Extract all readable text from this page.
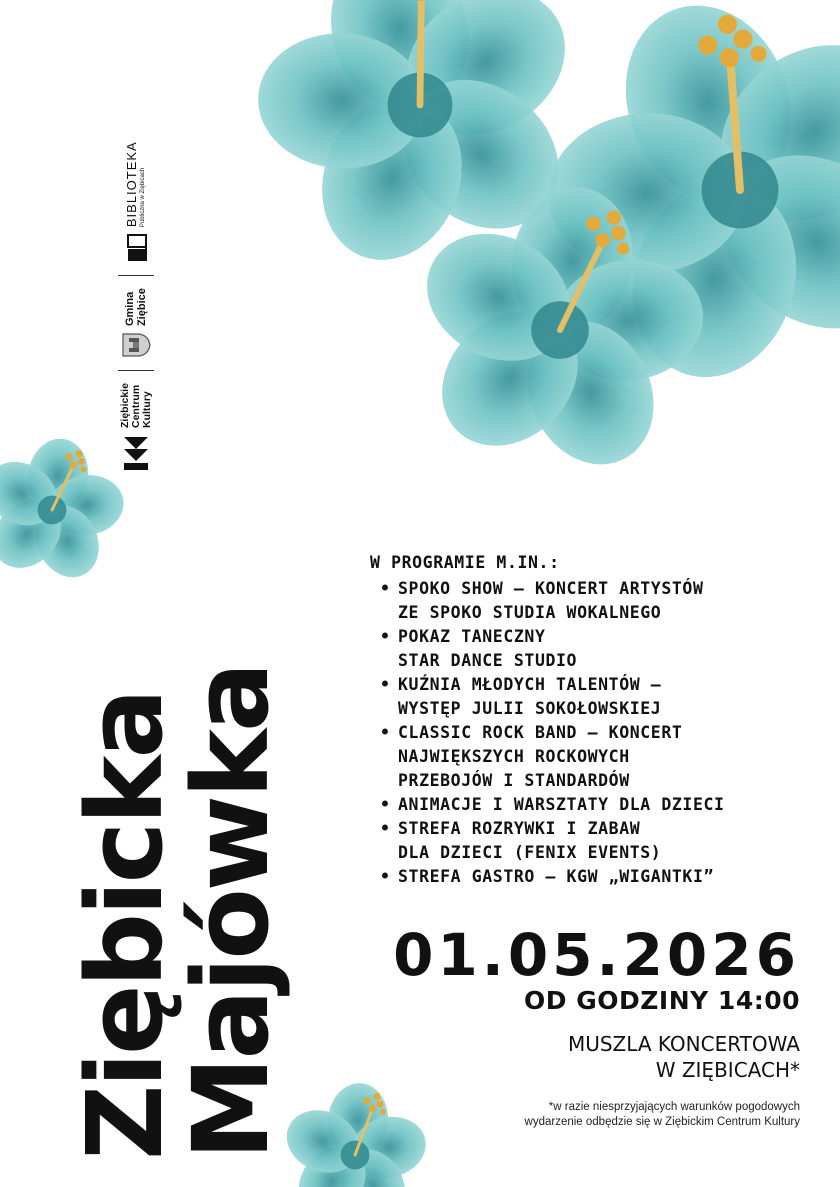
Ziębickie Centrum Kultury
Gmina Ziębice
BIBLIOTEKA Publiczna w Ziębicach
Ziębicka
Majówka
W PROGRAMIE M.IN.:
• SPOKO SHOW – KONCERT ARTYSTÓW
ZE SPOKO STUDIA WOKALNEGO
• POKAZ TANECZNY
STAR DANCE STUDIO
• KUŹNIA MŁODYCH TALENTÓW –
WYSTĘP JULII SOKOŁOWSKIEJ
• CLASSIC ROCK BAND – KONCERT
NAJWIĘKSZYCH ROCKOWYCH
PRZEBOJÓW I STANDARDÓW
• ANIMACJE I WARSZTATY DLA DZIECI
• STREFA ROZRYWKI I ZABAW
DLA DZIECI (FENIX EVENTS)
• STREFA GASTRO – KGW „WIGANTKI”
01.05.2026
OD GODZINY 14:00
MUSZLA KONCERTOWA
W ZIĘBICACH*
*w razie niesprzyjających warunków pogodowych
wydarzenie odbędzie się w Ziębickim Centrum Kultury
